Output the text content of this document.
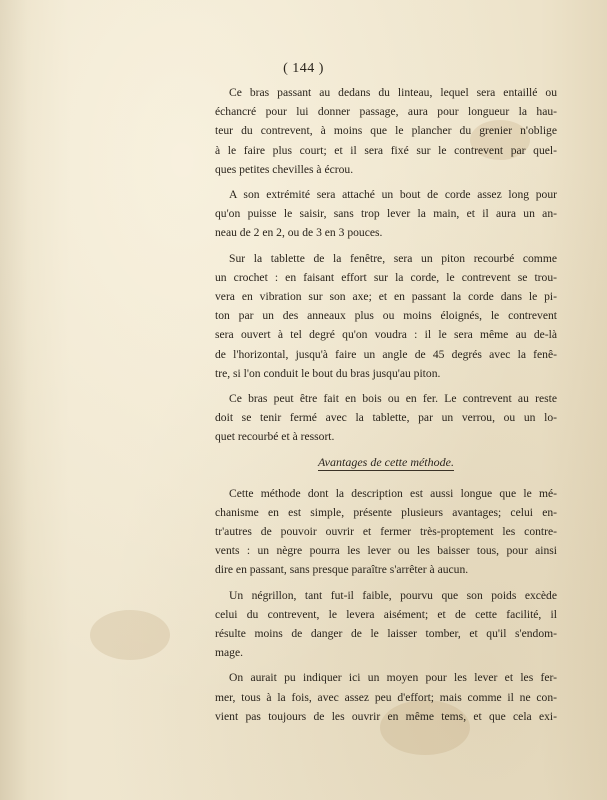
( 144 )
Ce bras passant au dedans du linteau, lequel sera entaillé ou
échancré pour lui donner passage, aura pour longueur la hau-
teur du contrevent, à moins que le plancher du grenier n'oblige
à le faire plus court; et il sera fixé sur le contrevent par quel-
ques petites chevilles à écrou.
A son extrémité sera attaché un bout de corde assez long pour
qu'on puisse le saisir, sans trop lever la main, et il aura un an-
neau de 2 en 2, ou de 3 en 3 pouces.
Sur la tablette de la fenêtre, sera un piton recourbé comme
un crochet : en faisant effort sur la corde, le contrevent se trou-
vera en vibration sur son axe; et en passant la corde dans le pi-
ton par un des anneaux plus ou moins éloignés, le contrevent
sera ouvert à tel degré qu'on voudra : il le sera même au de-là
de l'horizontal, jusqu'à faire un angle de 45 degrés avec la fenê-
tre, si l'on conduit le bout du bras jusqu'au piton.
Ce bras peut être fait en bois ou en fer. Le contrevent au reste
doit se tenir fermé avec la tablette, par un verrou, ou un lo-
quet recourbé et à ressort.
Avantages de cette méthode.
Cette méthode dont la description est aussi longue que le mé-
chanisme en est simple, présente plusieurs avantages; celui en-
tr'autres de pouvoir ouvrir et fermer très-proptement les contre-
vents : un nègre pourra les lever ou les baisser tous, pour ainsi
dire en passant, sans presque paraître s'arrêter à aucun.
Un négrillon, tant fut-il faible, pourvu que son poids excède
celui du contrevent, le levera aisément; et de cette facilité, il
résulte moins de danger de le laisser tomber, et qu'il s'endom-
mage.
On aurait pu indiquer ici un moyen pour les lever et les fer-
mer, tous à la fois, avec assez peu d'effort; mais comme il ne con-
vient pas toujours de les ouvrir en même tems, et que cela exi-
